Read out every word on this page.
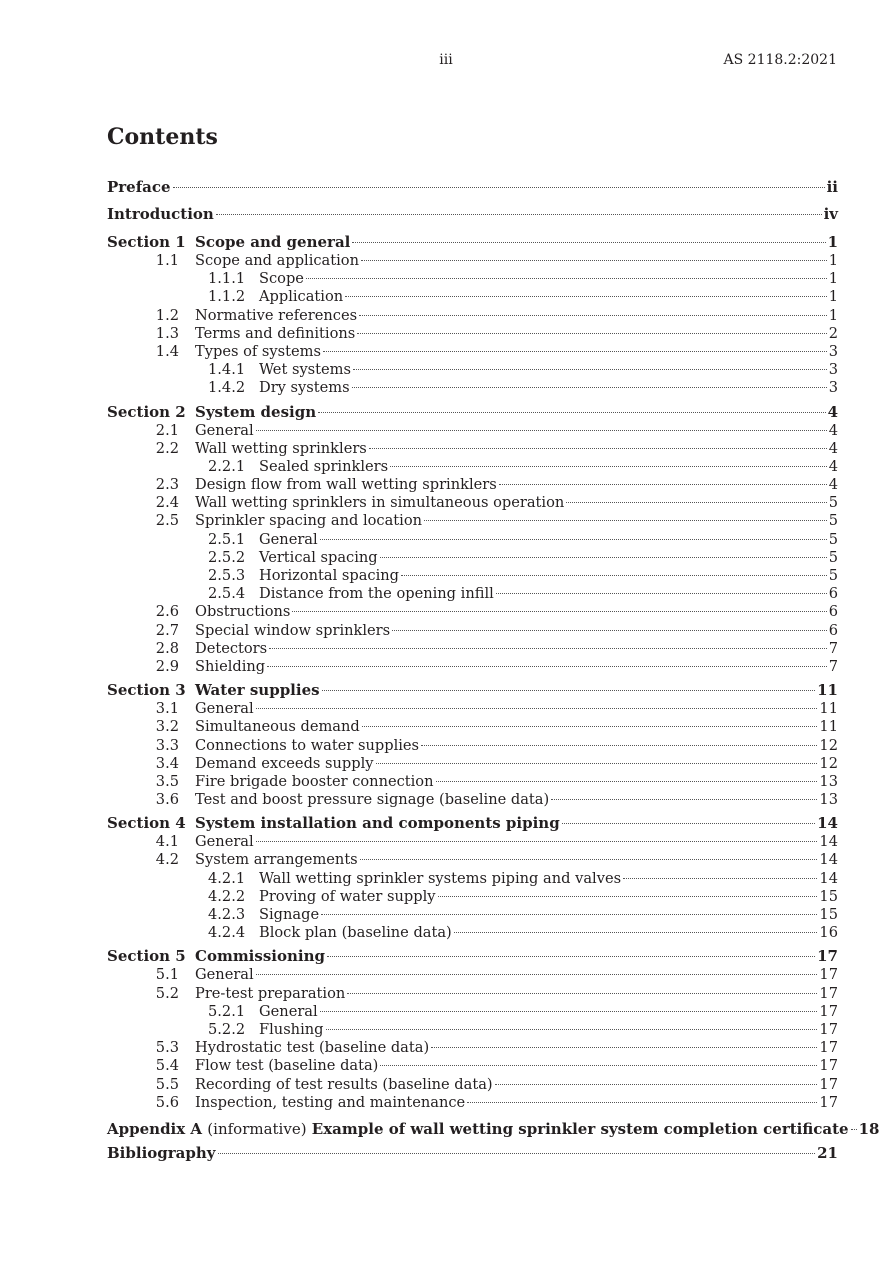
iii	AS 2118.2:2021
Contents
Preface	ii
Introduction	iv
Section 1 Scope and general	1
1.1 Scope and application	1
1.1.1 Scope	1
1.1.2 Application	1
1.2 Normative references	1
1.3 Terms and definitions	2
1.4 Types of systems	3
1.4.1 Wet systems	3
1.4.2 Dry systems	3
Section 2 System design	4
2.1 General	4
2.2 Wall wetting sprinklers	4
2.2.1 Sealed sprinklers	4
2.3 Design flow from wall wetting sprinklers	4
2.4 Wall wetting sprinklers in simultaneous operation	5
2.5 Sprinkler spacing and location	5
2.5.1 General	5
2.5.2 Vertical spacing	5
2.5.3 Horizontal spacing	5
2.5.4 Distance from the opening infill	6
2.6 Obstructions	6
2.7 Special window sprinklers	6
2.8 Detectors	7
2.9 Shielding	7
Section 3 Water supplies	11
3.1 General	11
3.2 Simultaneous demand	11
3.3 Connections to water supplies	12
3.4 Demand exceeds supply	12
3.5 Fire brigade booster connection	13
3.6 Test and boost pressure signage (baseline data)	13
Section 4 System installation and components piping	14
4.1 General	14
4.2 System arrangements	14
4.2.1 Wall wetting sprinkler systems piping and valves	14
4.2.2 Proving of water supply	15
4.2.3 Signage	15
4.2.4 Block plan (baseline data)	16
Section 5 Commissioning	17
5.1 General	17
5.2 Pre-test preparation	17
5.2.1 General	17
5.2.2 Flushing	17
5.3 Hydrostatic test (baseline data)	17
5.4 Flow test (baseline data)	17
5.5 Recording of test results (baseline data)	17
5.6 Inspection, testing and maintenance	17
Appendix A (informative) Example of wall wetting sprinkler system completion certificate 18
Bibliography	21
